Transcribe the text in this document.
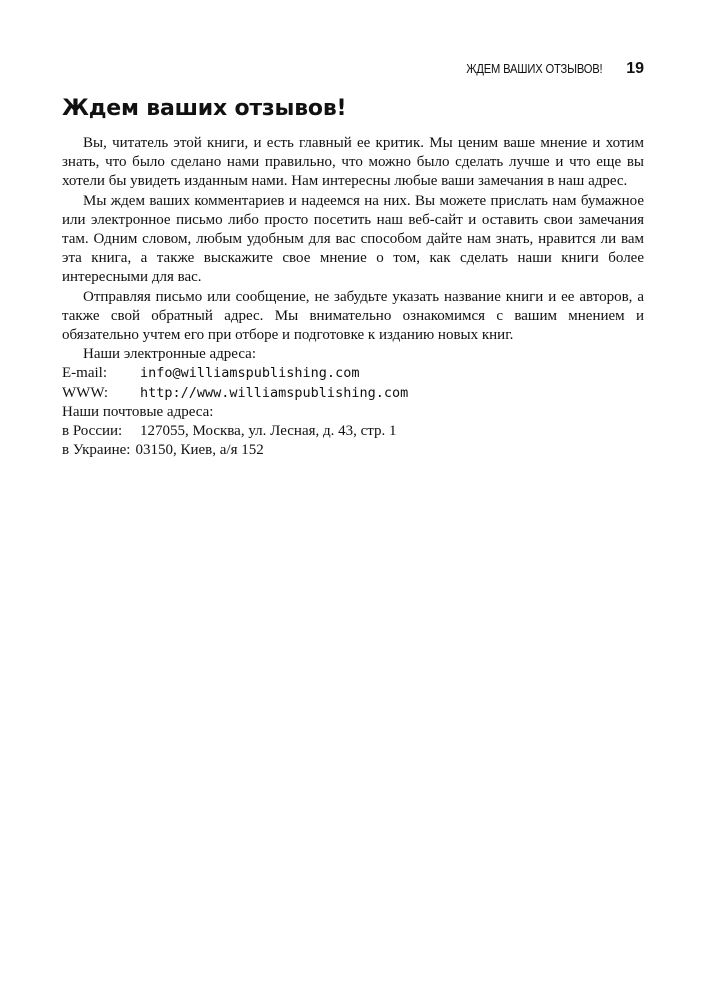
ЖДЕМ ВАШИХ ОТЗЫВОВ! 19
Ждем ваших отзывов!

Вы, читатель этой книги, и есть главный ее критик. Мы ценим ваше мнение и хотим знать, что было сделано нами правильно, что можно было сделать лучше и что еще вы хотели бы увидеть изданным нами. Нам интересны любые ваши замечания в наш адрес.

Мы ждем ваших комментариев и надеемся на них. Вы можете прислать нам бумажное или электронное письмо либо просто посетить наш веб-сайт и оставить свои замечания там. Одним словом, любым удобным для вас способом дайте нам знать, нравится ли вам эта книга, а также выскажите свое мнение о том, как сделать наши книги более интересными для вас.

Отправляя письмо или сообщение, не забудьте указать название книги и ее авторов, а также свой обратный адрес. Мы внимательно ознакомимся с вашим мнением и обязательно учтем его при отборе и подготовке к изданию новых книг.

Наши электронные адреса:

E-mail:	info@williamspublishing.com
WWW:	http://www.williamspublishing.com

Наши почтовые адреса:

в России:	127055, Москва, ул. Лесная, д. 43, стр. 1
в Украине: 03150, Киев, а/я 152
